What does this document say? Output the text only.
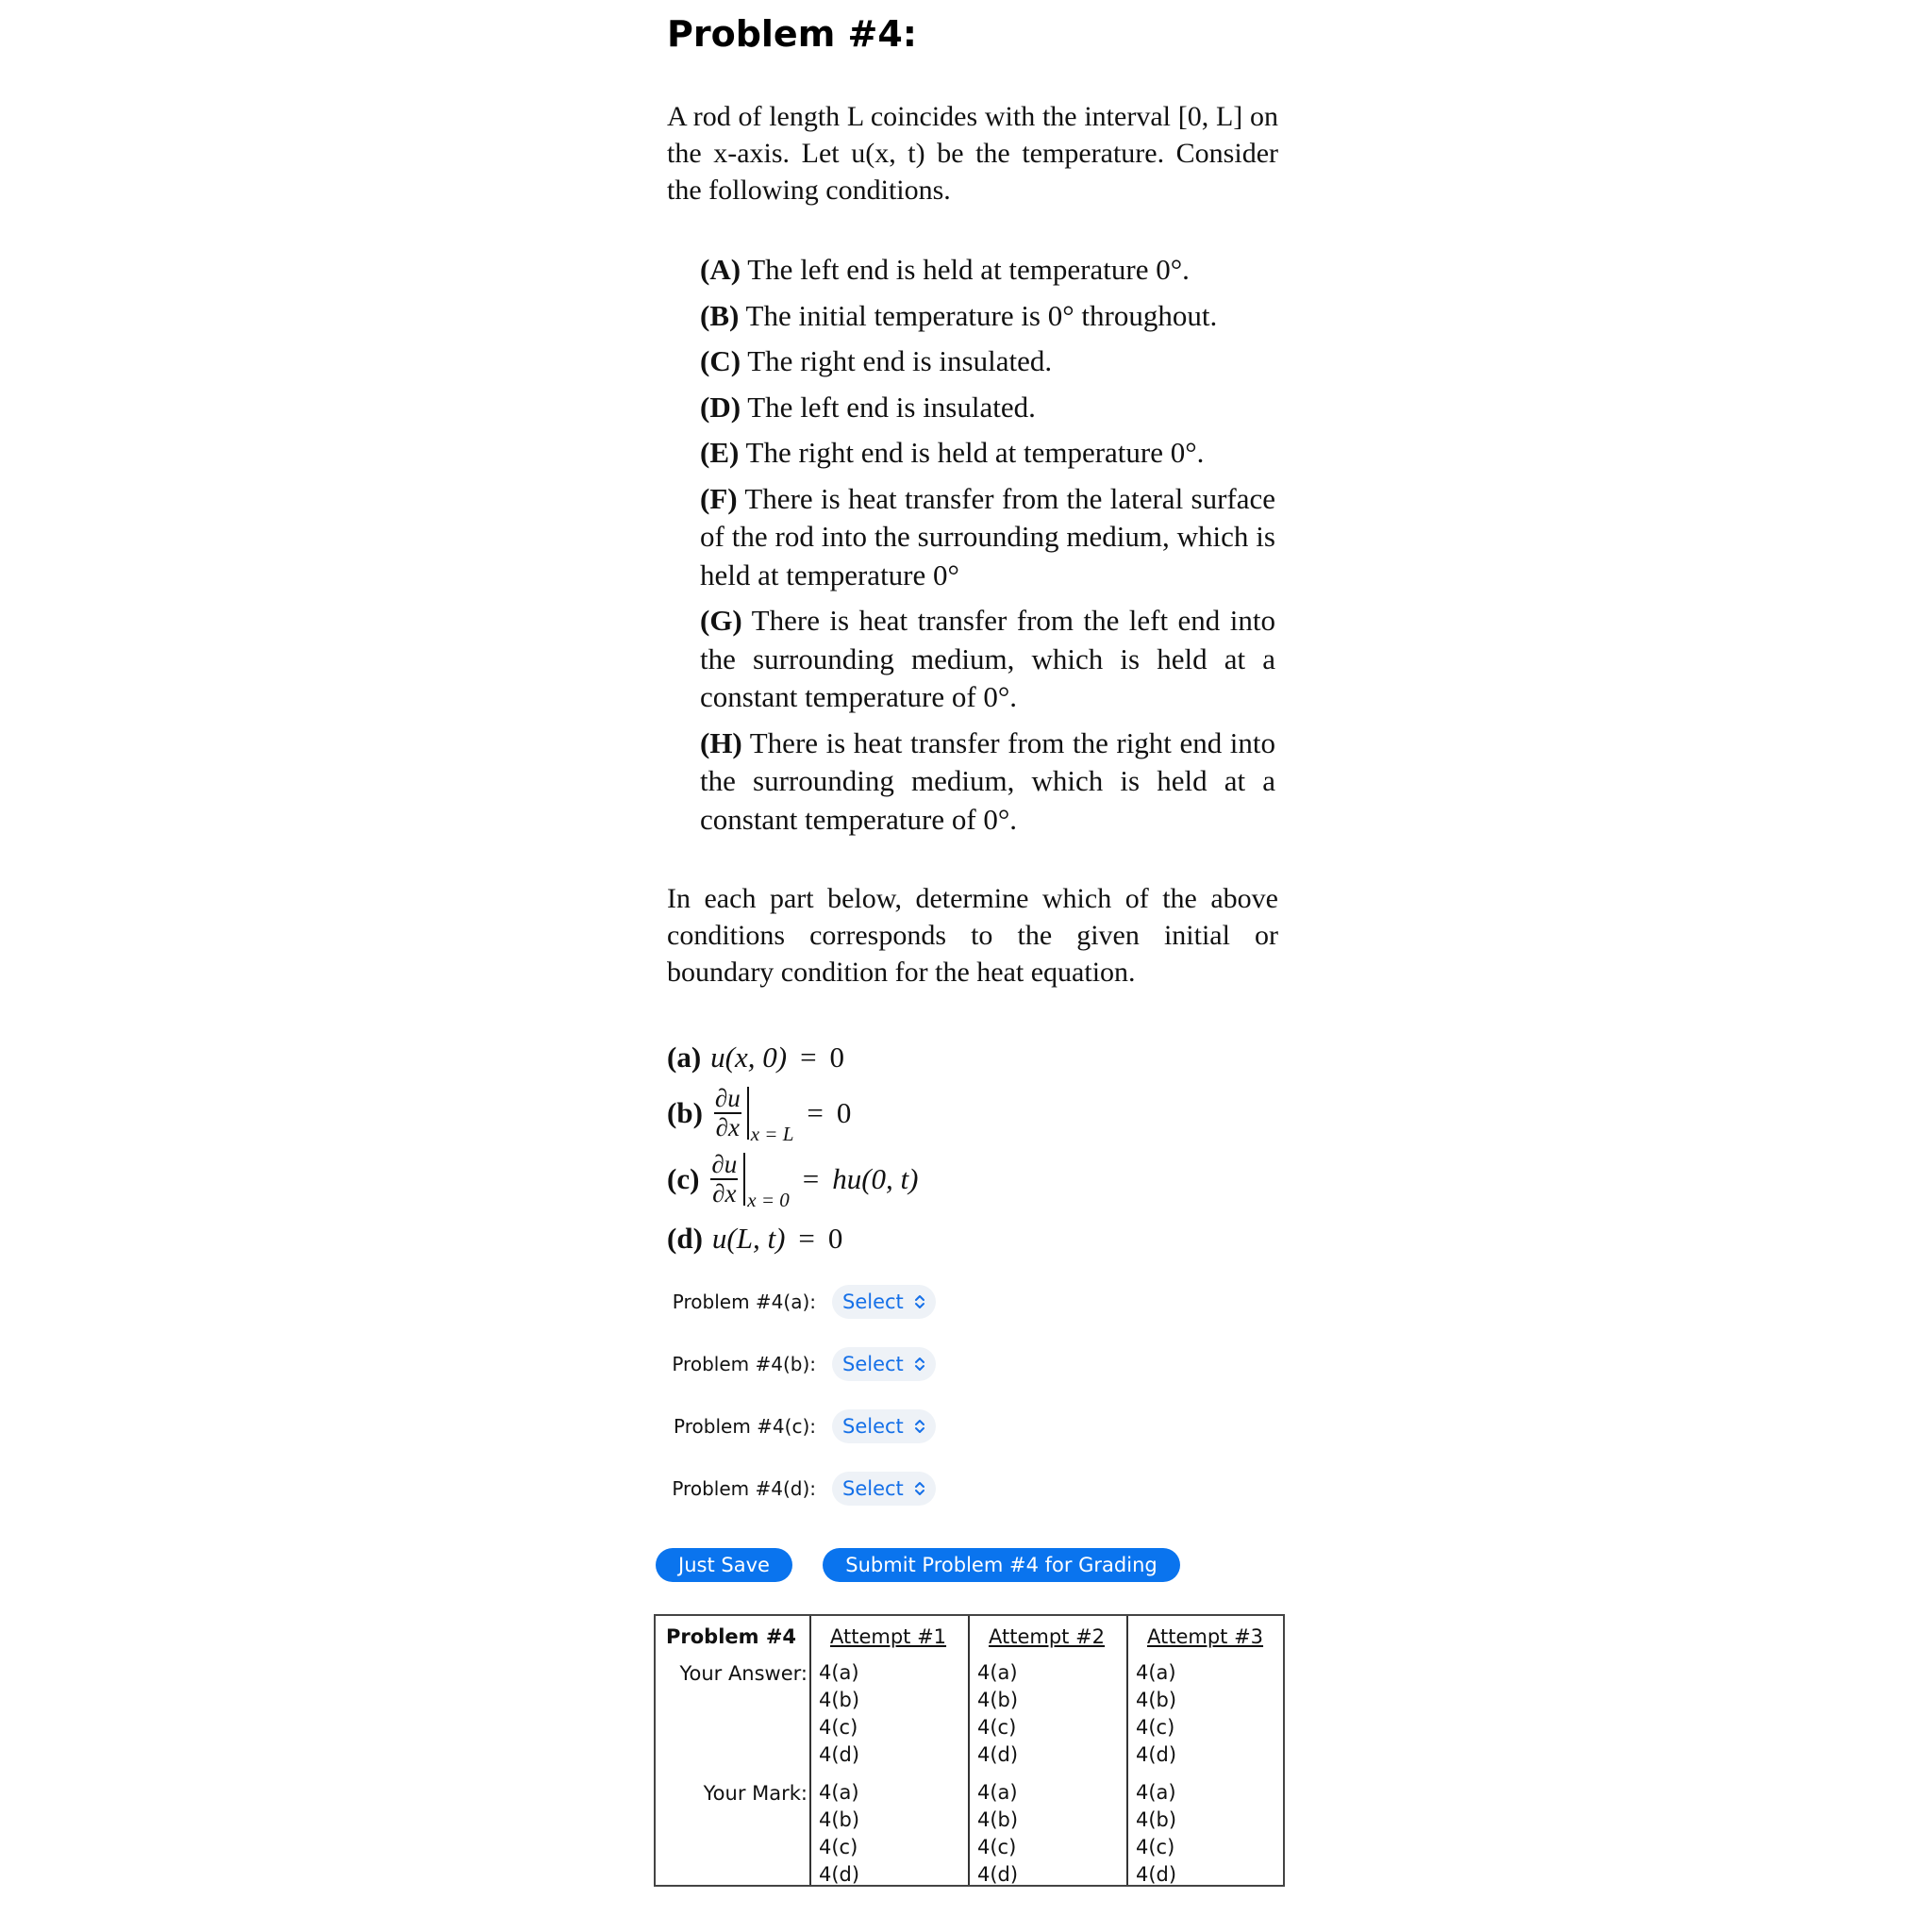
Problem #4:
A rod of length L coincides with the interval [0, L] on the x-axis. Let u(x, t) be the temperature. Consider the following conditions.
(A) The left end is held at temperature 0°.
(B) The initial temperature is 0° throughout.
(C) The right end is insulated.
(D) The left end is insulated.
(E) The right end is held at temperature 0°.
(F) There is heat transfer from the lateral surface of the rod into the surrounding medium, which is held at temperature 0°
(G) There is heat transfer from the left end into the surrounding medium, which is held at a constant temperature of 0°.
(H) There is heat transfer from the right end into the surrounding medium, which is held at a constant temperature of 0°.
In each part below, determine which of the above conditions corresponds to the given initial or boundary condition for the heat equation.
(a) u(x, 0) = 0
$(b) \frac{\partial u}{\partial x}$ x = L
= 0
$(c) \frac{\partial u}{\partial x}$ x = 0
= hu(0, t)
(d) u(L, t) = 0
Problem #4(a): Select
Problem #4(b): Select
Problem #4(c): Select
Problem #4(d): Select
Just Save	Submit Problem #4 for Grading
Problem #4 Attempt #1 Attempt #2 Attempt #3
Your Answer:
Your Mark:
4(a)
4(b)
4(c)
4(d)
4(a)
4(b)
4(c)
4(d)
4(a)
4(b)
4(c)
4(d)
4(a)
4(b)
4(c)
4(d)
4(a)
4(b)
4(c)
4(d)
4(a)
4(b)
4(c)
4(d)
